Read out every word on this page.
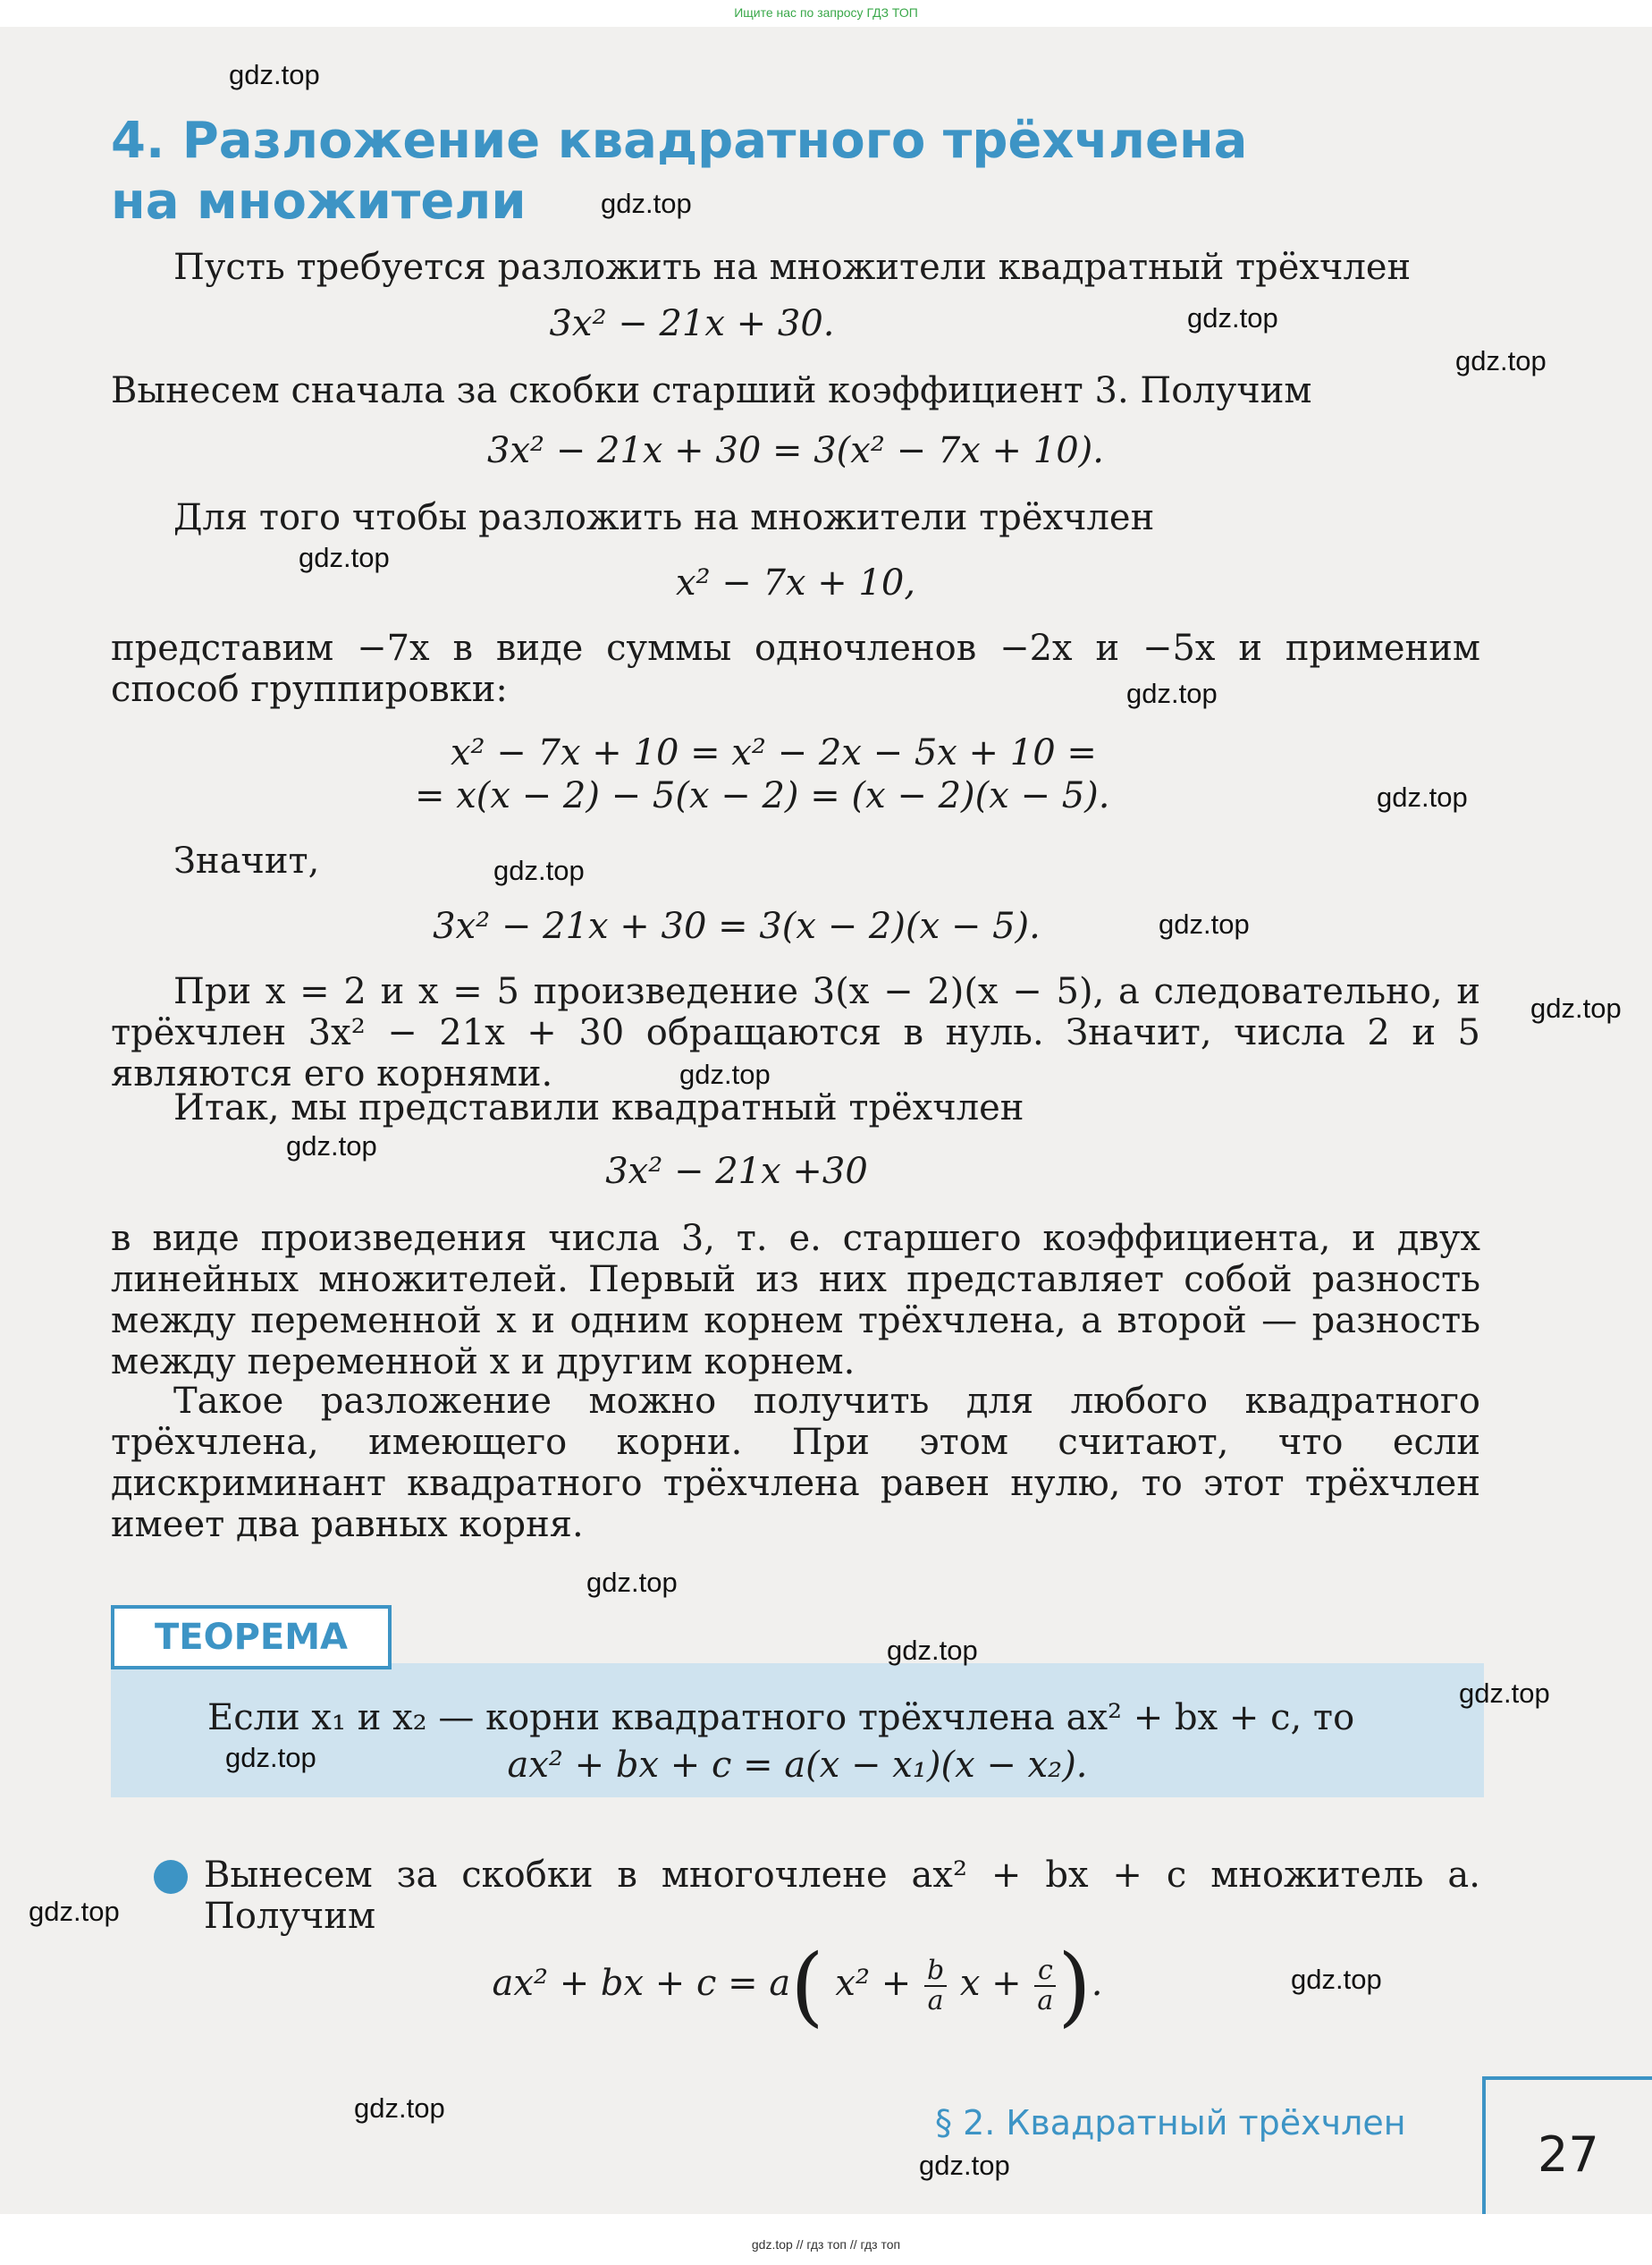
Ищите нас по запросу ГДЗ ТОП
4. Разложение квадратного трёхчлена
на множители

Пусть требуется разложить на множители квадратный трёхчлен

3x² − 21x + 30.

Вынесем сначала за скобки старший коэффициент 3. Получим

3x² − 21x + 30 = 3(x² − 7x + 10).

Для того чтобы разложить на множители трёхчлен

x² − 7x + 10,

представим −7x в виде суммы одночленов −2x и −5x и применим способ группировки:

x² − 7x + 10 = x² − 2x − 5x + 10 =

= x(x − 2) − 5(x − 2) = (x − 2)(x − 5).

Значит,

3x² − 21x + 30 = 3(x − 2)(x − 5).

При x = 2 и x = 5 произведение 3(x − 2)(x − 5), а следовательно, и трёхчлен 3x² − 21x + 30 обращаются в нуль. Значит, числа 2 и 5 являются его корнями.

Итак, мы представили квадратный трёхчлен

3x² − 21x +30

в виде произведения числа 3, т. е. старшего коэффициента, и двух линейных множителей. Первый из них представляет собой разность между переменной x и одним корнем трёхчлена, а второй — разность между переменной x и другим корнем.

Такое разложение можно получить для любого квадратного трёхчлена, имеющего корни. При этом считают, что если дискриминант квадратного трёхчлена равен нулю, то этот трёхчлен имеет два равных корня.

ТЕОРЕМА

Если x₁ и x₂ — корни квадратного трёхчлена ax² + bx + c, то

ax² + bx + c = a(x − x₁)(x − x₂).

Вынесем за скобки в многочлене ax² + bx + c множитель a. Получим

ax² + bx + c = a( $x^2 + \frac{b}{a}$ $x + \frac{c}{a}$ ).
§ 2. Квадратный трёхчлен
27
gdz.top
gdz.top
gdz.top
gdz.top
gdz.top
gdz.top
gdz.top
gdz.top
gdz.top
gdz.top
gdz.top
gdz.top
gdz.top
gdz.top
gdz.top
gdz.top
gdz.top
gdz.top
gdz.top
gdz.top
gdz.top // гдз топ // гдз топ
